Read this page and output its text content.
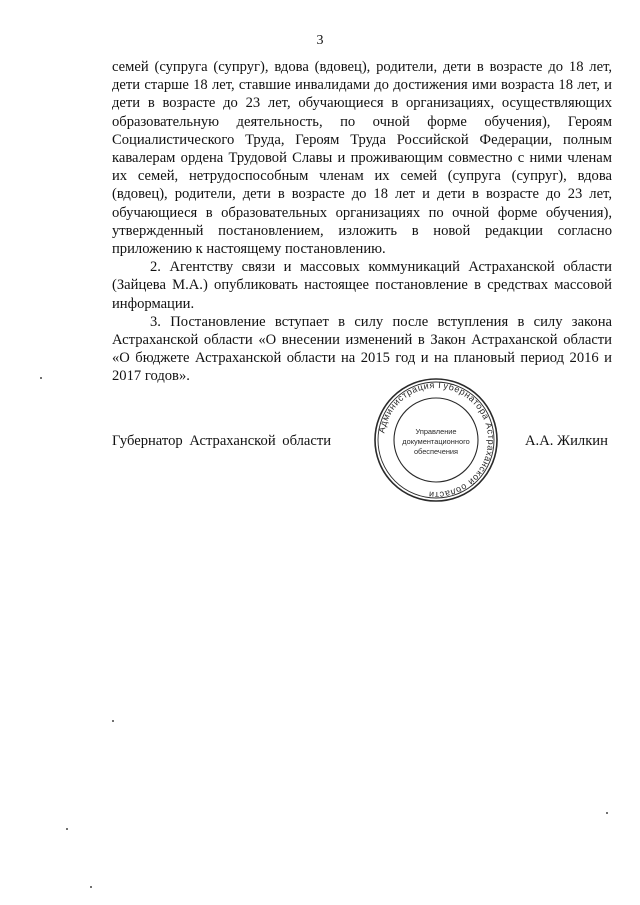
3

семей (супруга (супруг), вдова (вдовец), родители, дети в возрасте до 18 лет, дети старше 18 лет, ставшие инвалидами до достижения ими возраста 18 лет, и дети в возрасте до 23 лет, обучающиеся в организациях, осуществляющих образовательную деятельность, по очной форме обучения), Героям Социалистического Труда, Героям Труда Российской Федерации, полным кавалерам ордена Трудовой Славы и проживающим совместно с ними членам их семей, нетрудоспособным членам их семей (супруга (супруг), вдова (вдовец), родители, дети в возрасте до 18 лет и дети в возрасте до 23 лет, обучающиеся в образовательных организациях по очной форме обучения), утвержденный постановлением, изложить в новой редакции согласно приложению к настоящему постановлению.

2. Агентству связи и массовых коммуникаций Астраханской области (Зайцева М.А.) опубликовать настоящее постановление в средствах массовой информации.

3. Постановление вступает в силу после вступления в силу закона Астраханской области «О внесении изменений в Закон Астраханской области «О бюджете Астраханской области на 2015 год и на плановый период 2016 и 2017 годов».

Губернатор Астраханской области
Администрация Губернатора Астраханской области
Управление
документационного
обеспечения
А.А. Жилкин
